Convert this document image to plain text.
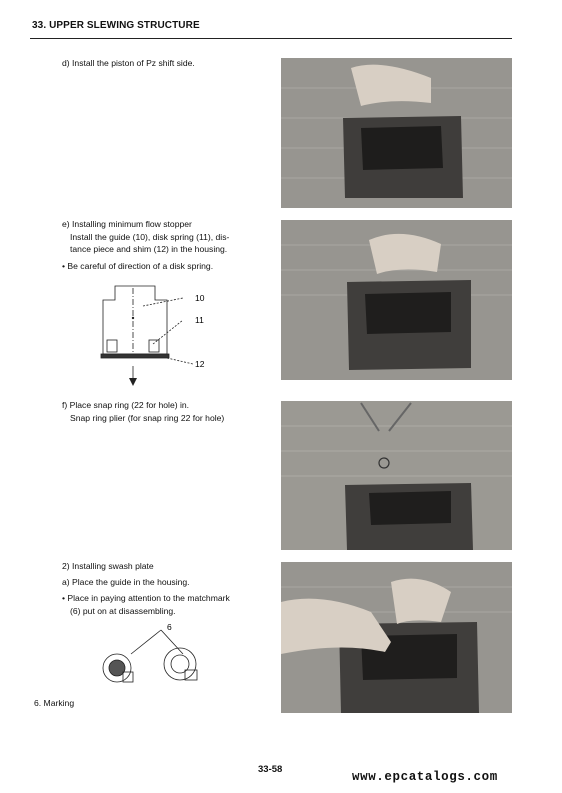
33. UPPER SLEWING STRUCTURE
d) Install the piston of Pz shift side.
e) Installing minimum flow stopper
Install the guide (10), disk spring (11), dis-
tance piece and shim (12) in the housing.
• Be careful of direction of a disk spring.
10
11
12
f) Place snap ring (22 for hole) in.
Snap ring plier (for snap ring 22 for hole)
2) Installing swash plate
a) Place the guide in the housing.
• Place in paying attention to the matchmark
(6) put on at disassembling.
6
6. Marking
33-58
www.epcatalogs.com
